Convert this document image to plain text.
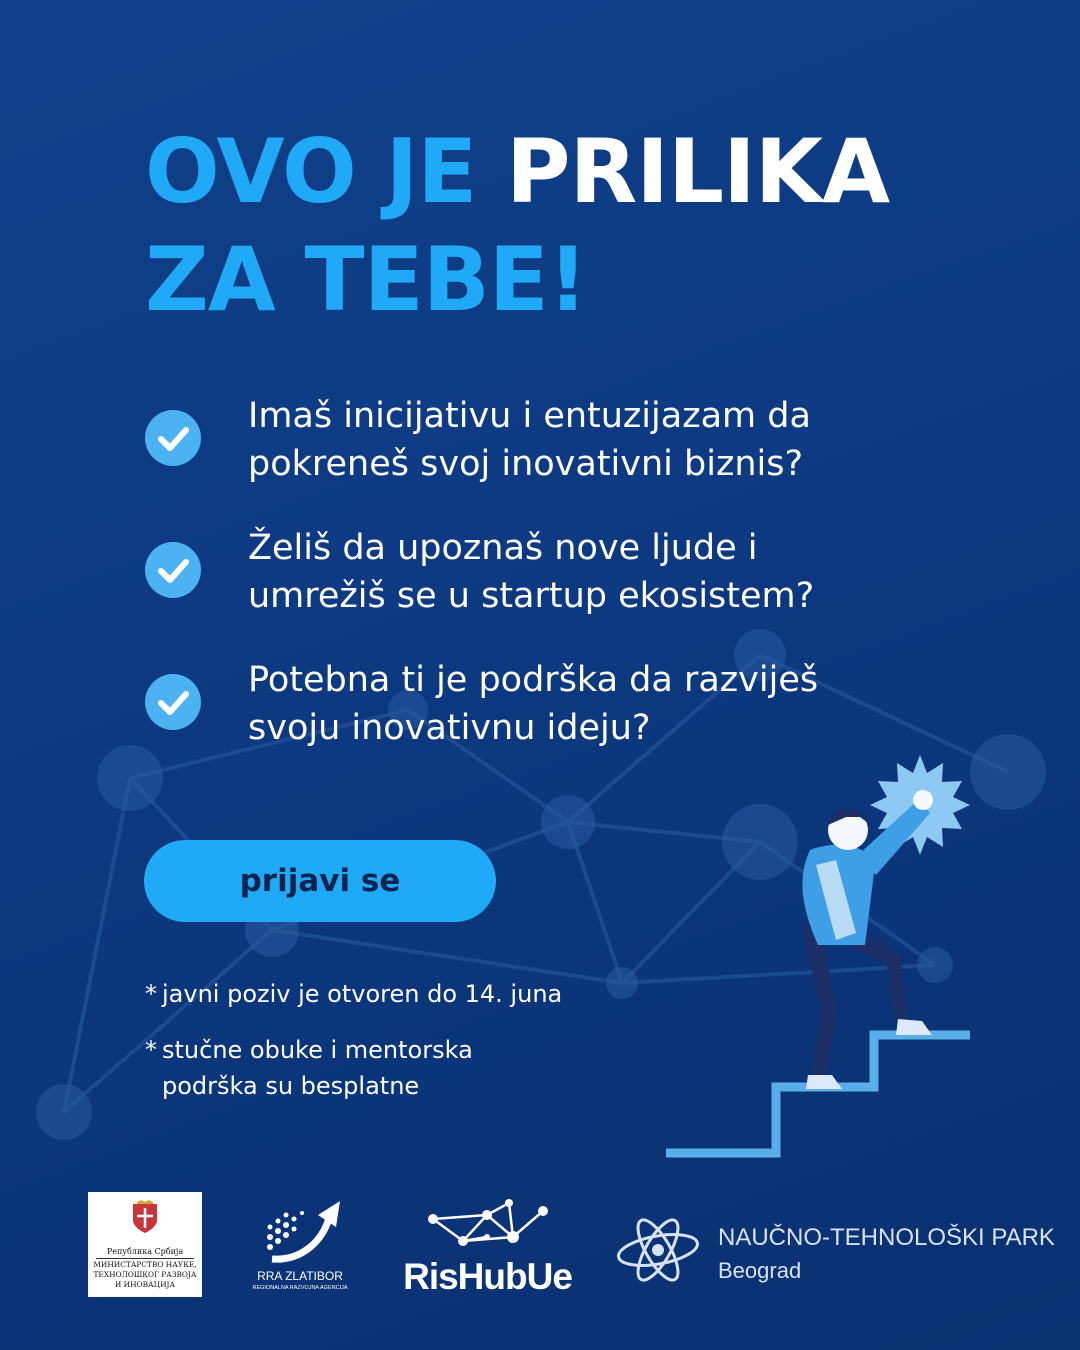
OVO JE PRILIKA
ZA TEBE!
Imaš inicijativu i entuzijazam da
pokreneš svoj inovativni biznis?
Želiš da upoznaš nove ljude i
umrežiš se u startup ekosistem?
Potebna ti je podrška da razviješ
svoju inovativnu ideju?
prijavi se
* javni poziv je otvoren do 14. juna
* stučne obuke i mentorska podrška su besplatne
Република Србија
МИНИСТАРСТВО НАУКЕ, ТЕХНОЛОШКОГ РАЗВОЈА И ИНОВАЦИЈА
RRA ZLATIBOR
REGIONALNA RAZVOJNA AGENCIJA RisHubUe
NAUČNO-TEHNOLOŠKI PARK
Beograd
